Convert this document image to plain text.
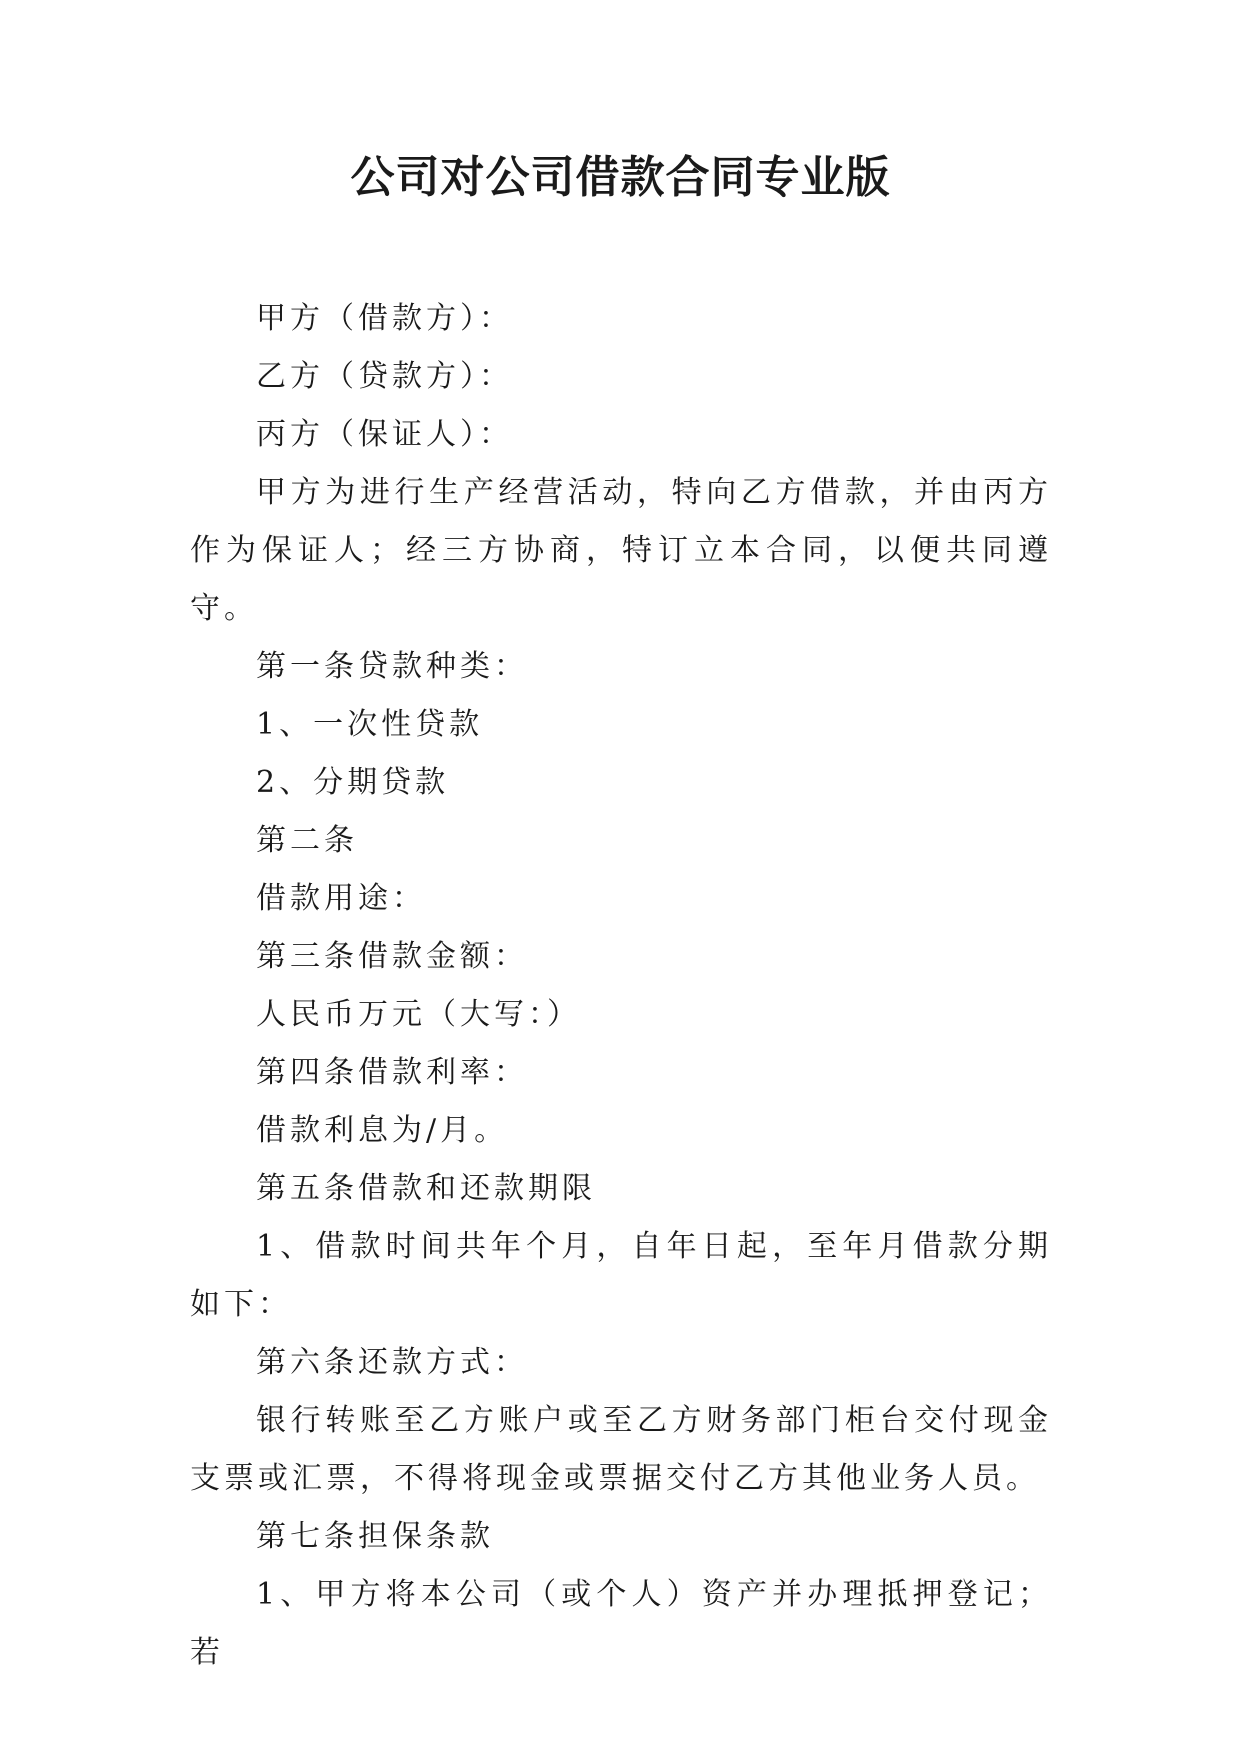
公司对公司借款合同专业版

甲方（借款方）：

乙方（贷款方）：

丙方（保证人）：

甲方为进行生产经营活动，特向乙方借款，并由丙方作为保证人；经三方协商，特订立本合同，以便共同遵守。

第一条贷款种类：

1、一次性贷款

2、分期贷款

第二条

借款用途：

第三条借款金额：

人民币万元（大写：）

第四条借款利率：

借款利息为/月。

第五条借款和还款期限

1、借款时间共年个月，自年日起，至年月借款分期如下：

第六条还款方式：

银行转账至乙方账户或至乙方财务部门柜台交付现金支票或汇票，不得将现金或票据交付乙方其他业务人员。

第七条担保条款

1、甲方将本公司（或个人）资产并办理抵押登记；若
